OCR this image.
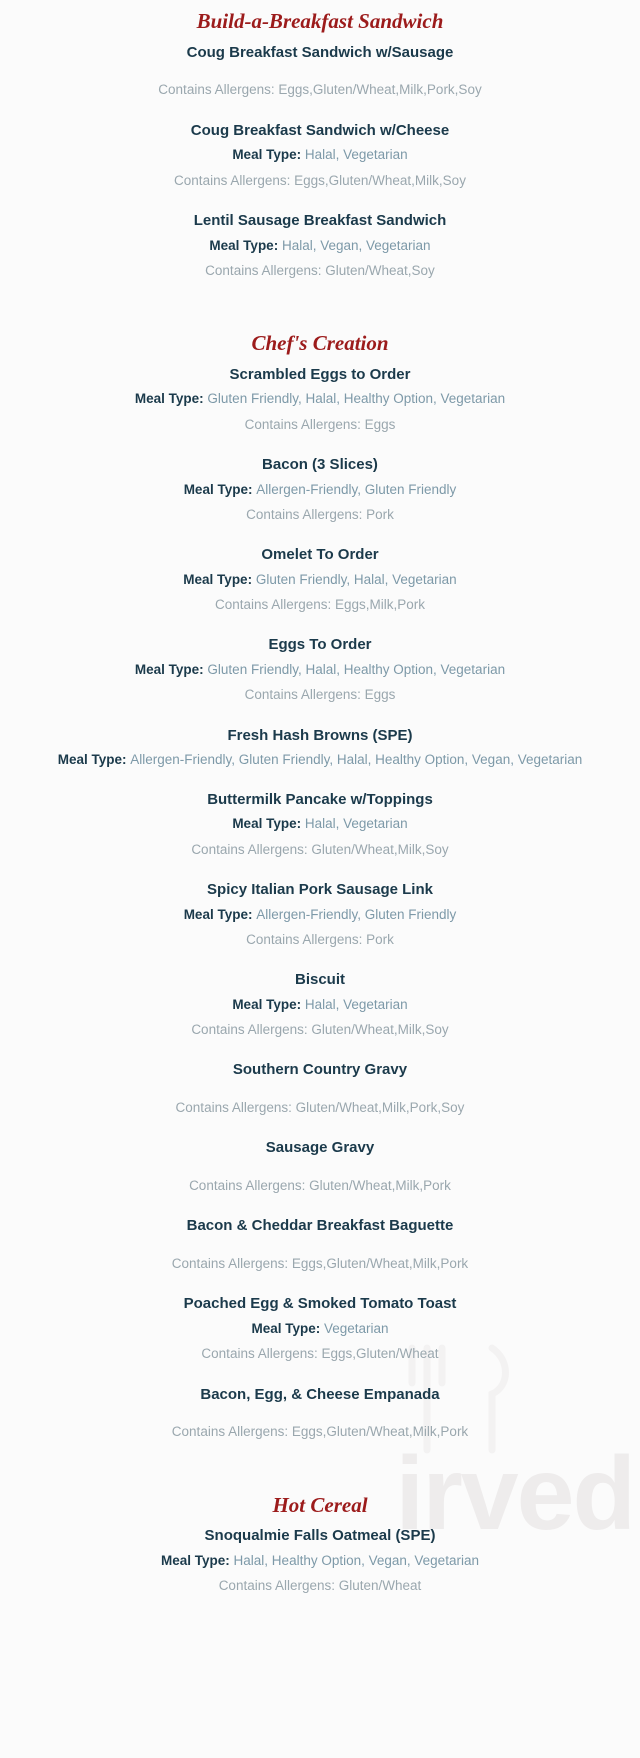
irved
Build-a-Breakfast Sandwich
Coug Breakfast Sandwich w/Sausage
Contains Allergens: Eggs,Gluten/Wheat,Milk,Pork,Soy
Coug Breakfast Sandwich w/Cheese
Meal Type: Halal, Vegetarian
Contains Allergens: Eggs,Gluten/Wheat,Milk,Soy
Lentil Sausage Breakfast Sandwich
Meal Type: Halal, Vegan, Vegetarian
Contains Allergens: Gluten/Wheat,Soy
Chef's Creation
Scrambled Eggs to Order
Meal Type: Gluten Friendly, Halal, Healthy Option, Vegetarian
Contains Allergens: Eggs
Bacon (3 Slices)
Meal Type: Allergen-Friendly, Gluten Friendly
Contains Allergens: Pork
Omelet To Order
Meal Type: Gluten Friendly, Halal, Vegetarian
Contains Allergens: Eggs,Milk,Pork
Eggs To Order
Meal Type: Gluten Friendly, Halal, Healthy Option, Vegetarian
Contains Allergens: Eggs
Fresh Hash Browns (SPE)
Meal Type: Allergen-Friendly, Gluten Friendly, Halal, Healthy Option, Vegan, Vegetarian
Buttermilk Pancake w/Toppings
Meal Type: Halal, Vegetarian
Contains Allergens: Gluten/Wheat,Milk,Soy
Spicy Italian Pork Sausage Link
Meal Type: Allergen-Friendly, Gluten Friendly
Contains Allergens: Pork
Biscuit
Meal Type: Halal, Vegetarian
Contains Allergens: Gluten/Wheat,Milk,Soy
Southern Country Gravy
Contains Allergens: Gluten/Wheat,Milk,Pork,Soy
Sausage Gravy
Contains Allergens: Gluten/Wheat,Milk,Pork
Bacon & Cheddar Breakfast Baguette
Contains Allergens: Eggs,Gluten/Wheat,Milk,Pork
Poached Egg & Smoked Tomato Toast
Meal Type: Vegetarian
Contains Allergens: Eggs,Gluten/Wheat
Bacon, Egg, & Cheese Empanada
Contains Allergens: Eggs,Gluten/Wheat,Milk,Pork
Hot Cereal
Snoqualmie Falls Oatmeal (SPE)
Meal Type: Halal, Healthy Option, Vegan, Vegetarian
Contains Allergens: Gluten/Wheat
